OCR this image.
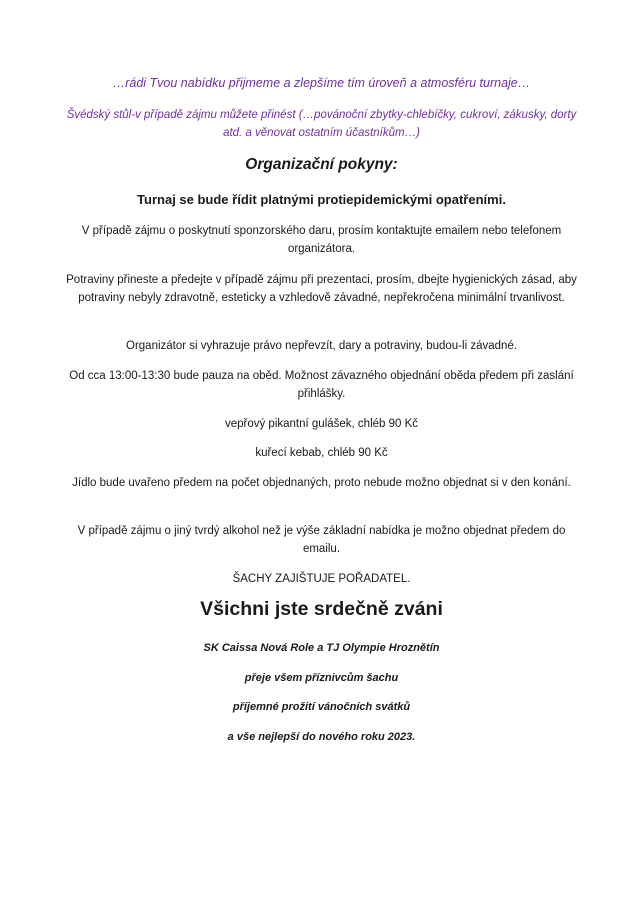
…rádi Tvou nabídku přijmeme a zlepšíme tím úroveň a atmosféru turnaje…

Švédský stůl-v případě zájmu můžete přinést (…povánoční zbytky-chlebíčky, cukroví, zákusky, dorty atd. a věnovat ostatním účastníkům…)

Organizační pokyny:

Turnaj se bude řídit platnými protiepidemickými opatřeními.

V případě zájmu o poskytnutí sponzorského daru, prosím kontaktujte emailem nebo telefonem organizátora.

Potraviny přineste a předejte v případě zájmu při prezentaci, prosím, dbejte hygienických zásad, aby potraviny nebyly zdravotně, esteticky a vzhledově závadné, nepřekročena minimální trvanlivost.

Organizátor si vyhrazuje právo nepřevzít, dary a potraviny, budou-li závadné.

Od cca 13:00-13:30 bude pauza na oběd. Možnost závazného objednání oběda předem při zaslání přihlášky.

vepřový pikantní gulášek, chléb 90 Kč

kuřecí kebab, chléb 90 Kč

Jídlo bude uvařeno předem na počet objednaných, proto nebude možno objednat si v den konání.

V případě zájmu o jiný tvrdý alkohol než je výše základní nabídka je možno objednat předem do emailu.

ŠACHY ZAJIŠTUJE POŘADATEL.

Všichni jste srdečně zváni

SK Caissa Nová Role a TJ Olympie Hroznětín

přeje všem příznivcům šachu

příjemné prožití vánočních svátků

a vše nejlepší do nového roku 2023.
